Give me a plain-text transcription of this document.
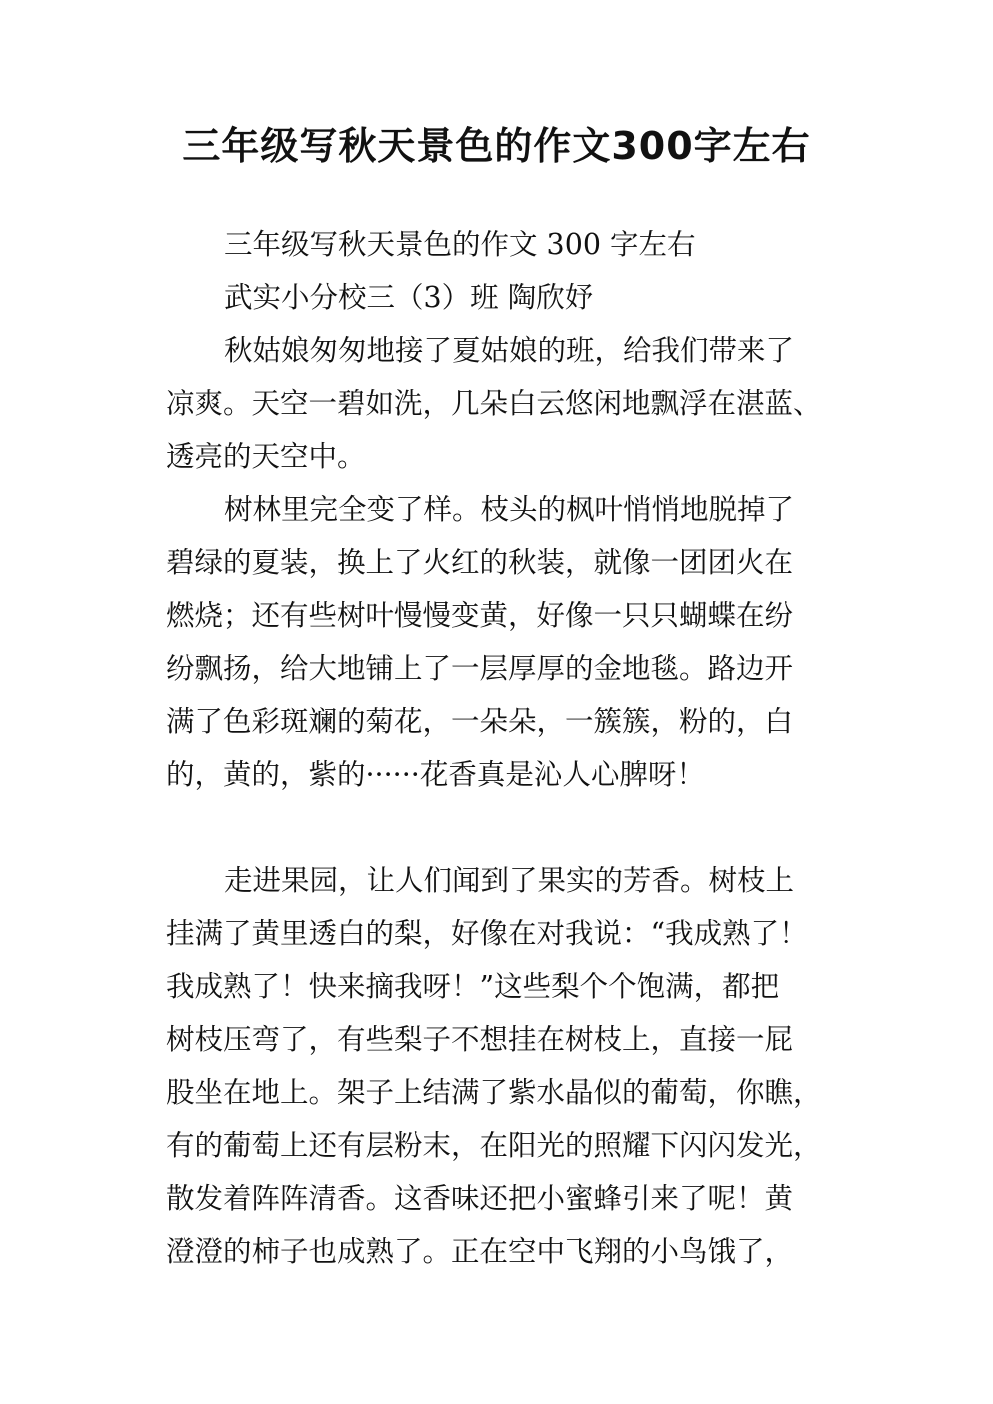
三年级写秋天景色的作文300字左右
三年级写秋天景色的作文 300 字左右
武实小分校三（3）班 陶欣妤
秋姑娘匆匆地接了夏姑娘的班，给我们带来了
凉爽。天空一碧如洗，几朵白云悠闲地飘浮在湛蓝、
透亮的天空中。
树林里完全变了样。枝头的枫叶悄悄地脱掉了
碧绿的夏装，换上了火红的秋装，就像一团团火在
燃烧；还有些树叶慢慢变黄，好像一只只蝴蝶在纷
纷飘扬，给大地铺上了一层厚厚的金地毯。路边开
满了色彩斑斓的菊花，一朵朵，一簇簇，粉的，白
的，黄的，紫的······花香真是沁人心脾呀！
走进果园，让人们闻到了果实的芳香。树枝上
挂满了黄里透白的梨，好像在对我说：“我成熟了！
我成熟了！快来摘我呀！”这些梨个个饱满，都把
树枝压弯了，有些梨子不想挂在树枝上，直接一屁
股坐在地上。架子上结满了紫水晶似的葡萄，你瞧，
有的葡萄上还有层粉末，在阳光的照耀下闪闪发光，
散发着阵阵清香。这香味还把小蜜蜂引来了呢！黄
澄澄的柿子也成熟了。正在空中飞翔的小鸟饿了，
